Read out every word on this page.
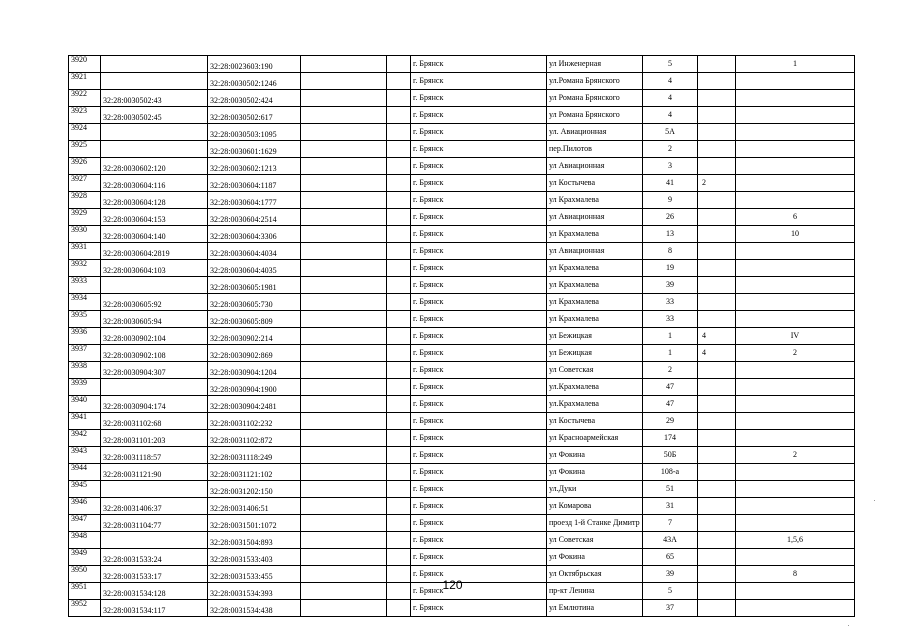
3920		32:28:0023603:190			г. Брянск	ул Инженерная	5		1
3921		32:28:0030502:1246			г. Брянск	ул.Романа Брянского	4		
3922	32:28:0030502:43	32:28:0030502:424			г. Брянск	ул Романа Брянского	4		
3923	32:28:0030502:45	32:28:0030502:617			г. Брянск	ул Романа Брянского	4		
3924		32:28:0030503:1095			г. Брянск	ул. Авиационная	5А		
3925		32:28:0030601:1629			г. Брянск	пер.Пилотов	2		
3926	32:28:0030602:120	32:28:0030602:1213			г. Брянск	ул Авиационная	3		
3927	32:28:0030604:116	32:28:0030604:1187			г. Брянск	ул Костычева	41	2	
3928	32:28:0030604:128	32:28:0030604:1777			г. Брянск	ул Крахмалева	9		
3929	32:28:0030604:153	32:28:0030604:2514			г. Брянск	ул Авиационная	26		6
3930	32:28:0030604:140	32:28:0030604:3306			г. Брянск	ул Крахмалева	13		10
3931	32:28:0030604:2819	32:28:0030604:4034			г. Брянск	ул Авиационная	8		
3932	32:28:0030604:103	32:28:0030604:4035			г. Брянск	ул Крахмалева	19		
3933		32:28:0030605:1981			г. Брянск	ул Крахмалева	39		
3934	32:28:0030605:92	32:28:0030605:730			г. Брянск	ул Крахмалева	33		
3935	32:28:0030605:94	32:28:0030605:809			г. Брянск	ул Крахмалева	33		
3936	32:28:0030902:104	32:28:0030902:214			г. Брянск	ул Бежицкая	1	4	IV
3937	32:28:0030902:108	32:28:0030902:869			г. Брянск	ул Бежицкая	1	4	2
3938	32:28:0030904:307	32:28:0030904:1204			г. Брянск	ул Советская	2		
3939		32:28:0030904:1900			г. Брянск	ул.Крахмалева	47		
3940	32:28:0030904:174	32:28:0030904:2481			г. Брянск	ул.Крахмалева	47		
3941	32:28:0031102:68	32:28:0031102:232			г. Брянск	ул Костычева	29		
3942	32:28:0031101:203	32:28:0031102:872			г. Брянск	ул Красноармейская	174		
3943	32:28:0031118:57	32:28:0031118:249			г. Брянск	ул Фокина	50Б		2
3944	32:28:0031121:90	32:28:0031121:102			г. Брянск	ул Фокина	108-а		
3945		32:28:0031202:150			г. Брянск	ул.Дуки	51		
3946	32:28:0031406:37	32:28:0031406:51			г. Брянск	ул Комарова	31		
3947	32:28:0031104:77	32:28:0031501:1072			г. Брянск	проезд 1-й Станке Димитр	7		
3948		32:28:0031504:893			г. Брянск	ул Советская	43А		1,5,6
3949	32:28:0031533:24	32:28:0031533:403			г. Брянск	ул Фокина	65		
3950	32:28:0031533:17	32:28:0031533:455			г. Брянск	ул Октябрьская	39		8
3951	32:28:0031534:128	32:28:0031534:393			г. Брянск	пр-кт Ленина	5		
3952	32:28:0031534:117	32:28:0031534:438			г. Брянск	ул Емлютина	37		
120
